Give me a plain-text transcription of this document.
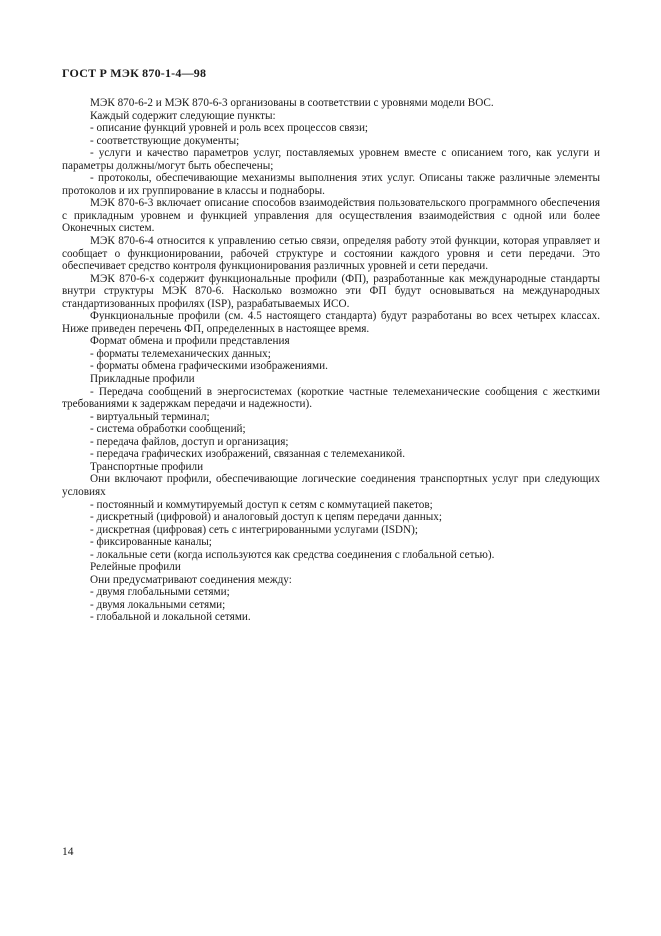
ГОСТ Р МЭК 870-1-4—98

МЭК 870-6-2 и МЭК 870-6-3 организованы в соответствии с уровнями модели ВОС.

Каждый содержит следующие пункты:

- описание функций уровней и роль всех процессов связи;

- соответствующие документы;

- услуги и качество параметров услуг, поставляемых уровнем вместе с описанием того, как услуги и параметры должны/могут быть обеспечены;

- протоколы, обеспечивающие механизмы выполнения этих услуг. Описаны также различные элементы протоколов и их группирование в классы и поднаборы.

МЭК 870-6-3 включает описание способов взаимодействия пользовательского программного обеспечения с прикладным уровнем и функцией управления для осуществления взаимодействия с одной или более Оконечных систем.

МЭК 870-6-4 относится к управлению сетью связи, определяя работу этой функции, которая управляет и сообщает о функционировании, рабочей структуре и состоянии каждого уровня и сети передачи. Это обеспечивает средство контроля функционирования различных уровней и сети передачи.

МЭК 870-6-х содержит функциональные профили (ФП), разработанные как международные стандарты внутри структуры МЭК 870-6. Насколько возможно эти ФП будут основываться на международных стандартизованных профилях (ISP), разрабатываемых ИСО.

Функциональные профили (см. 4.5 настоящего стандарта) будут разработаны во всех четырех классах. Ниже приведен перечень ФП, определенных в настоящее время.

Формат обмена и профили представления

- форматы телемеханических данных;

- форматы обмена графическими изображениями.

Прикладные профили

- Передача сообщений в энергосистемах (короткие частные телемеханические сообщения с жесткими требованиями к задержкам передачи и надежности).

- виртуальный терминал;

- система обработки сообщений;

- передача файлов, доступ и организация;

- передача графических изображений, связанная с телемеханикой.

Транспортные профили

Они включают профили, обеспечивающие логические соединения транспортных услуг при следующих условиях

- постоянный и коммутируемый доступ к сетям с коммутацией пакетов;

- дискретный (цифровой) и аналоговый доступ к цепям передачи данных;

- дискретная (цифровая) сеть с интегрированными услугами (ISDN);

- фиксированные каналы;

- локальные сети (когда используются как средства соединения с глобальной сетью).

Релейные профили

Они предусматривают соединения между:

- двумя глобальными сетями;

- двумя локальными сетями;

- глобальной и локальной сетями.

14
